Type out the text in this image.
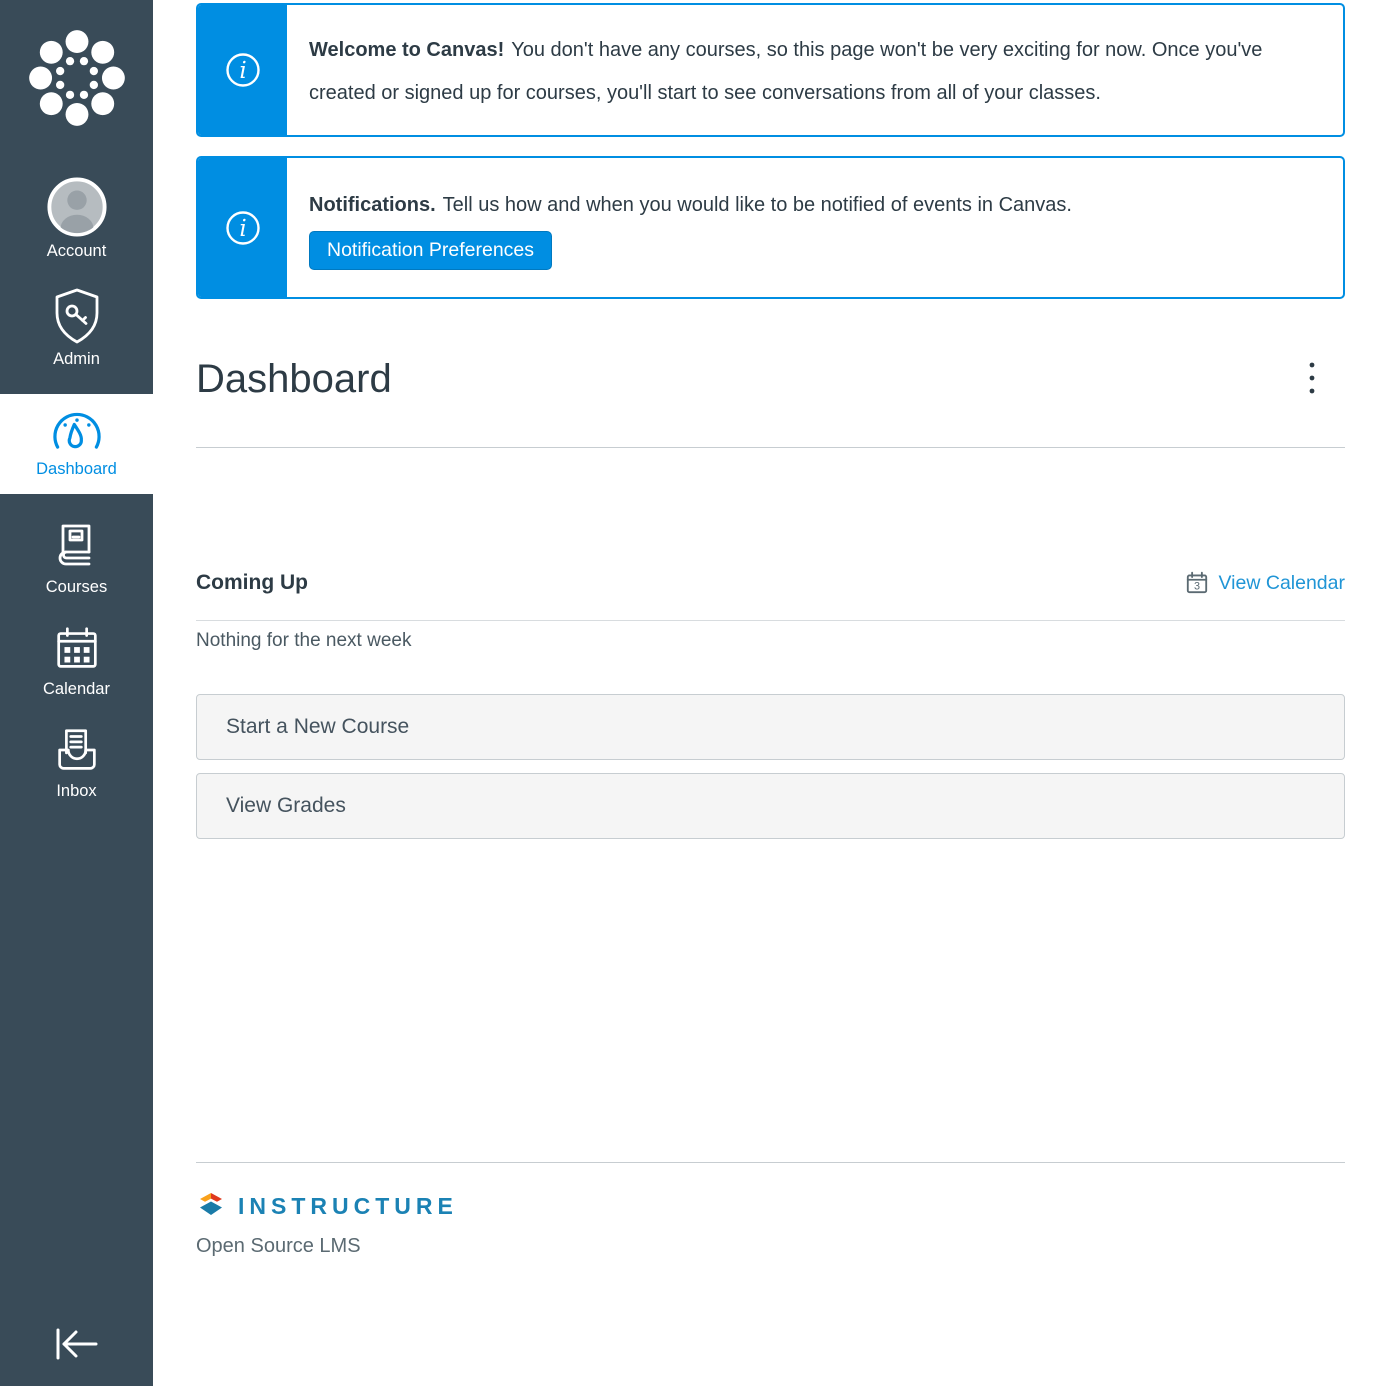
Account
Admin
Dashboard
Courses
Calendar
Inbox
i
Welcome to Canvas! You don't have any courses, so this page won't be very exciting for now. Once you've created or signed up for courses, you'll start to see conversations from all of your classes.
i
Notifications. Tell us how and when you would like to be notified of events in Canvas.
Notification Preferences
Dashboard
Coming Up	3 View Calendar
Nothing for the next week
Start a New Course
View Grades
INSTRUCTURE
Open Source LMS
